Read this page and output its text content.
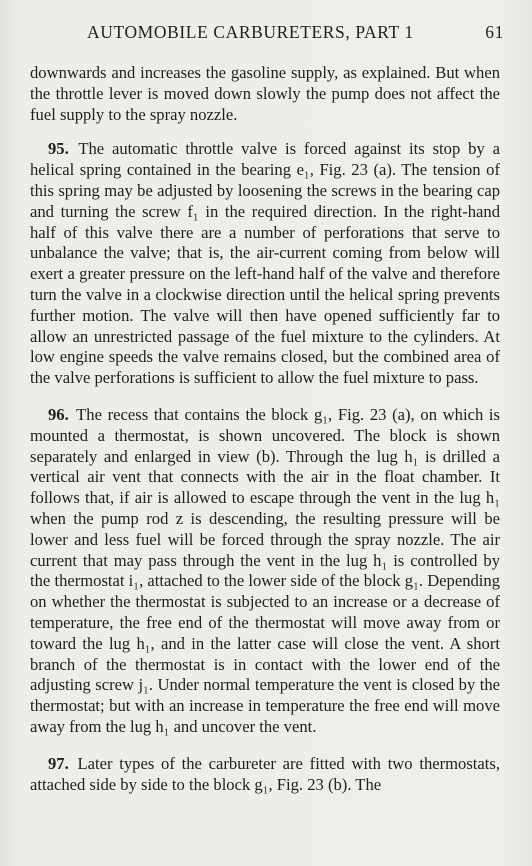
AUTOMOBILE CARBURETERS, PART 1	61

downwards and increases the gasoline supply, as explained. But when the throttle lever is moved down slowly the pump does not affect the fuel supply to the spray nozzle.

95. The automatic throttle valve is forced against its stop by a helical spring contained in the bearing e₁, Fig. 23 (a). The tension of this spring may be adjusted by loosening the screws in the bearing cap and turning the screw f₁ in the required direction. In the right-hand half of this valve there are a number of perforations that serve to unbalance the valve; that is, the air-current coming from below will exert a greater pressure on the left-hand half of the valve and therefore turn the valve in a clockwise direction until the helical spring prevents further motion. The valve will then have opened sufficiently far to allow an unrestricted passage of the fuel mixture to the cylinders. At low engine speeds the valve remains closed, but the combined area of the valve perforations is sufficient to allow the fuel mixture to pass.

96. The recess that contains the block g₁, Fig. 23 (a), on which is mounted a thermostat, is shown uncovered. The block is shown separately and enlarged in view (b). Through the lug h₁ is drilled a vertical air vent that connects with the air in the float chamber. It follows that, if air is allowed to escape through the vent in the lug h₁ when the pump rod z is descending, the resulting pressure will be lower and less fuel will be forced through the spray nozzle. The air current that may pass through the vent in the lug h₁ is controlled by the thermostat i₁, attached to the lower side of the block g₁. Depending on whether the thermostat is subjected to an increase or a decrease of temperature, the free end of the thermostat will move away from or toward the lug h₁, and in the latter case will close the vent. A short branch of the thermostat is in contact with the lower end of the adjusting screw j₁. Under normal temperature the vent is closed by the thermostat; but with an increase in temperature the free end will move away from the lug h₁ and uncover the vent.

97. Later types of the carbureter are fitted with two thermostats, attached side by side to the block g₁, Fig. 23 (b). The
